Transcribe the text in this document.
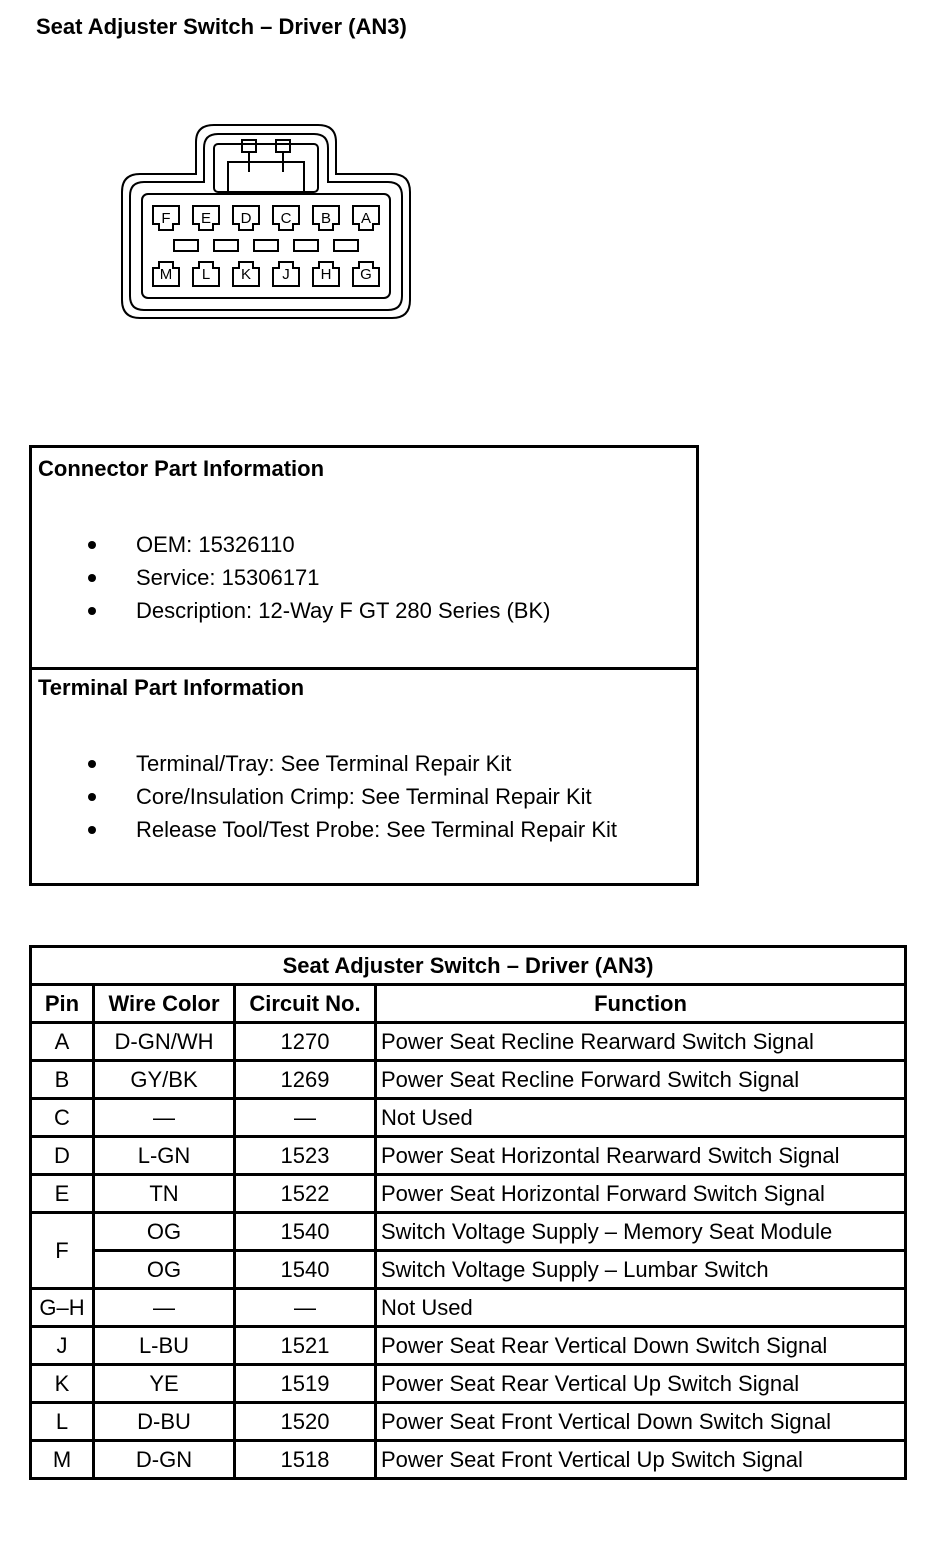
Seat Adjuster Switch – Driver (AN3)
F E D C B A
M L K J H G
Connector Part Information
OEM: 15326110
Service: 15306171
Description: 12-Way F GT 280 Series (BK)
Terminal Part Information
Terminal/Tray: See Terminal Repair Kit
Core/Insulation Crimp: See Terminal Repair Kit
Release Tool/Test Probe: See Terminal Repair Kit
Seat Adjuster Switch – Driver (AN3)			
Pin	Wire Color	Circuit No.	Function
A	D-GN/WH	1270	Power Seat Recline Rearward Switch Signal
B	GY/BK	1269	Power Seat Recline Forward Switch Signal
C	—	—	Not Used
D	L-GN	1523	Power Seat Horizontal Rearward Switch Signal
E	TN	1522	Power Seat Horizontal Forward Switch Signal
F	OG	1540	Switch Voltage Supply – Memory Seat Module
	OG	1540	Switch Voltage Supply – Lumbar Switch
G–H	—	—	Not Used
J	L-BU	1521	Power Seat Rear Vertical Down Switch Signal
K	YE	1519	Power Seat Rear Vertical Up Switch Signal
L	D-BU	1520	Power Seat Front Vertical Down Switch Signal
M	D-GN	1518	Power Seat Front Vertical Up Switch Signal
